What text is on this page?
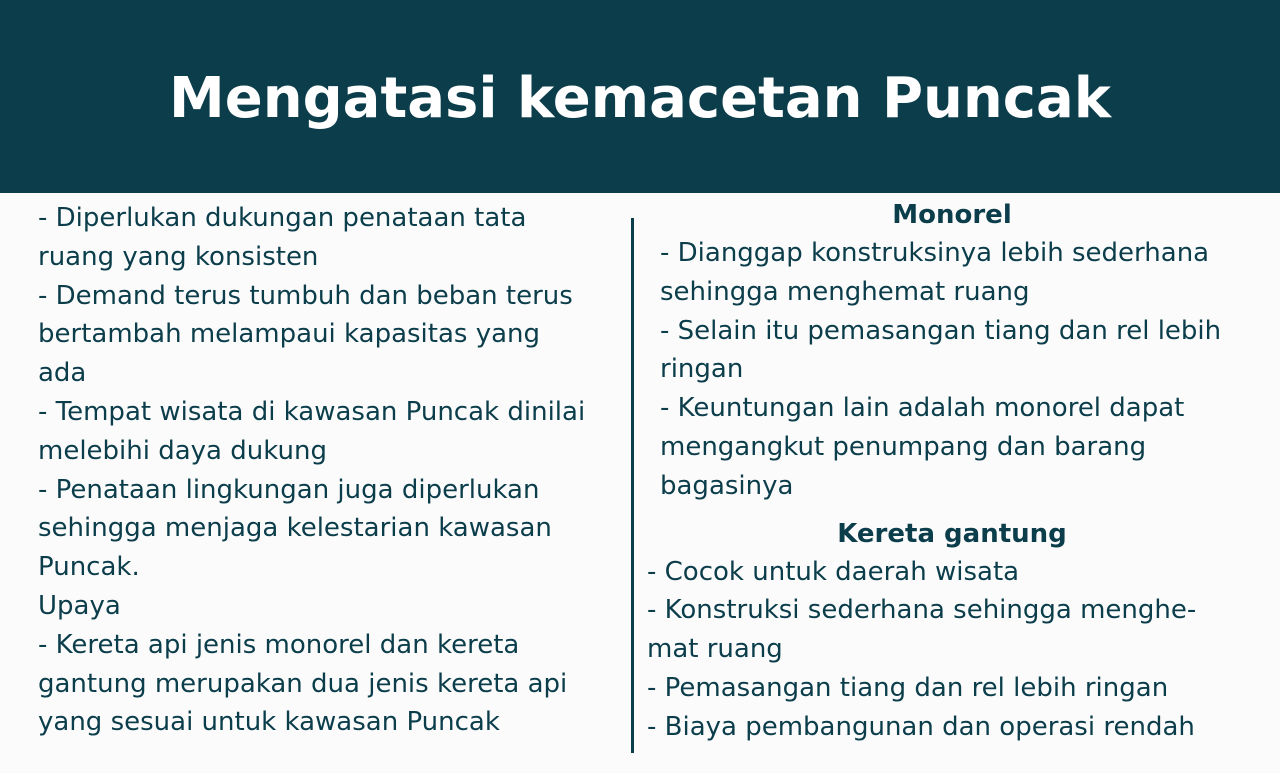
Mengatasi kemacetan Puncak
- Diperlukan dukungan penataan tata
ruang yang konsisten
- Demand terus tumbuh dan beban terus
bertambah melampaui kapasitas yang
ada
- Tempat wisata di kawasan Puncak dinilai
melebihi daya dukung
- Penataan lingkungan juga diperlukan
sehingga menjaga kelestarian kawasan
Puncak.
Upaya
- Kereta api jenis monorel dan kereta
gantung merupakan dua jenis kereta api
yang sesuai untuk kawasan Puncak
Monorel
- Dianggap konstruksinya lebih sederhana
sehingga menghemat ruang
- Selain itu pemasangan tiang dan rel lebih
ringan
- Keuntungan lain adalah monorel dapat
mengangkut penumpang dan barang
bagasinya
Kereta gantung
- Cocok untuk daerah wisata
- Konstruksi sederhana sehingga menghe-
mat ruang
- Pemasangan tiang dan rel lebih ringan
- Biaya pembangunan dan operasi rendah
